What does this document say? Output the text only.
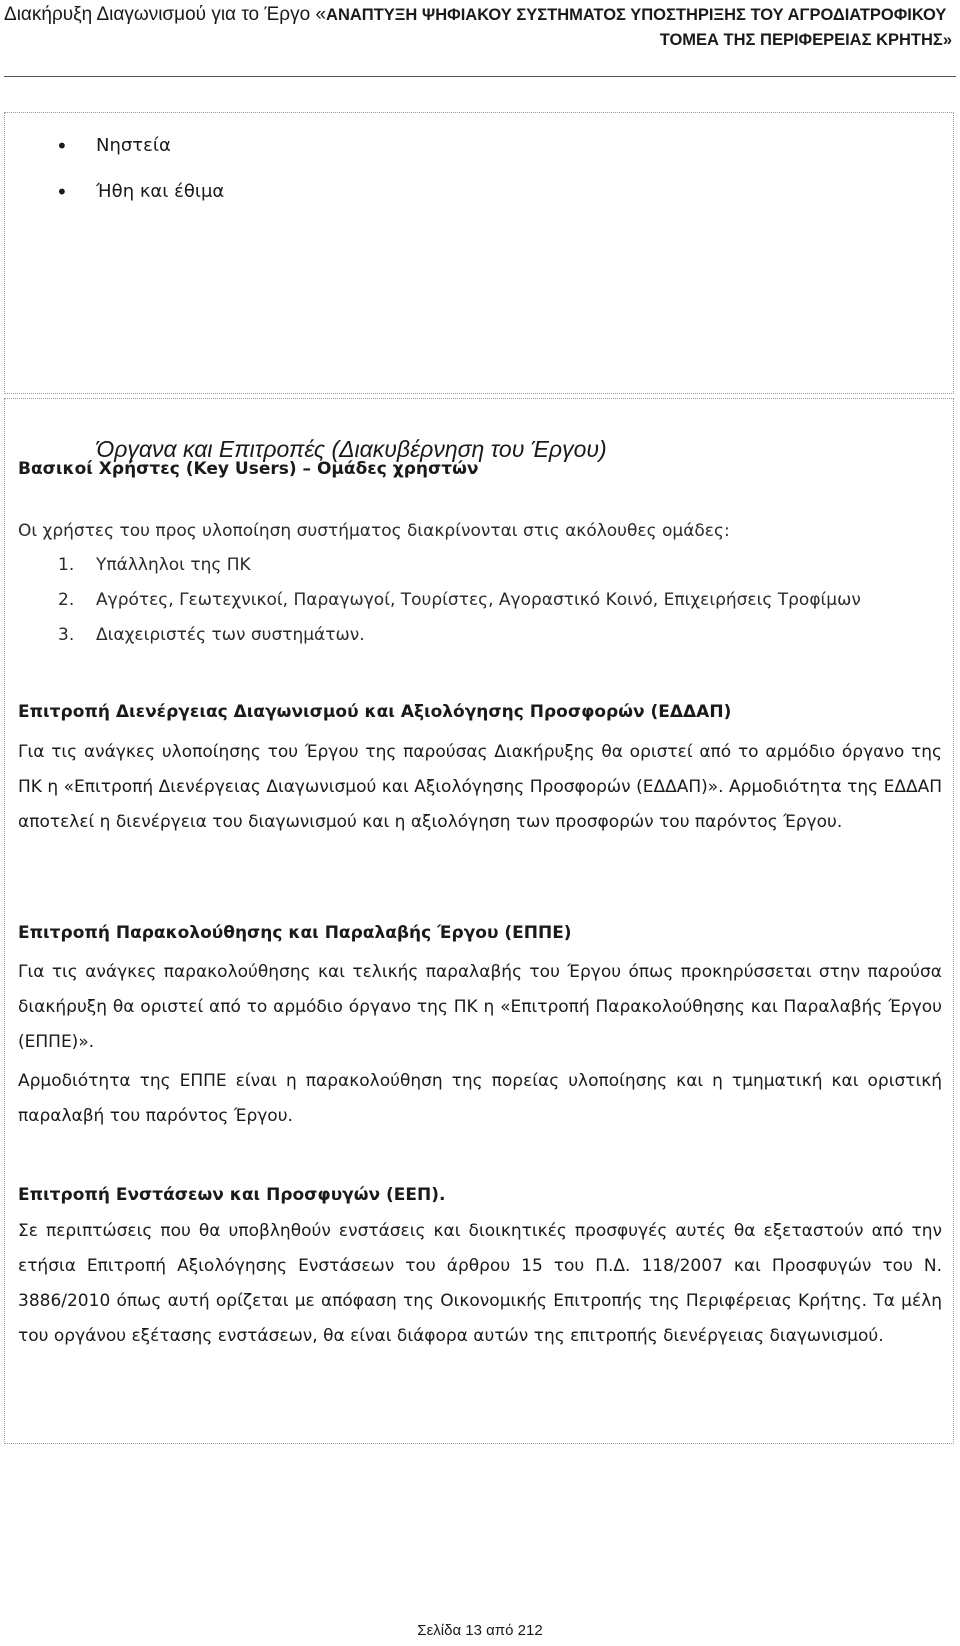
Διακήρυξη Διαγωνισμού για το Έργο «ΑΝΑΠΤΥΞΗ ΨΗΦΙΑΚΟΥ ΣΥΣΤΗΜΑΤΟΣ ΥΠΟΣΤΗΡΙΞΗΣ ΤΟΥ ΑΓΡΟΔΙΑΤΡΟΦΙΚΟΥ
ΤΟΜΕΑ ΤΗΣ ΠΕΡΙΦΕΡΕΙΑΣ ΚΡΗΤΗΣ»
• Νηστεία
• Ήθη και έθιμα
Όργανα και Επιτροπές (Διακυβέρνηση του Έργου)
Βασικοί Χρήστες (Key Users) – Ομάδες χρηστών

Οι χρήστες του προς υλοποίηση συστήματος διακρίνονται στις ακόλουθες ομάδες:

1. Υπάλληλοι της ΠΚ
2. Αγρότες, Γεωτεχνικοί, Παραγωγοί, Τουρίστες, Αγοραστικό Κοινό, Επιχειρήσεις Τροφίμων
3. Διαχειριστές των συστημάτων.
Επιτροπή Διενέργειας Διαγωνισμού και Αξιολόγησης Προσφορών (ΕΔΔΑΠ)

Για τις ανάγκες υλοποίησης του Έργου της παρούσας Διακήρυξης θα οριστεί από το αρμόδιο όργανο της ΠΚ η «Επιτροπή Διενέργειας Διαγωνισμού και Αξιολόγησης Προσφορών (ΕΔΔΑΠ)». Αρμοδιότητα της ΕΔΔΑΠ αποτελεί η διενέργεια του διαγωνισμού και η αξιολόγηση των προσφορών του παρόντος Έργου.

Επιτροπή Παρακολούθησης και Παραλαβής Έργου (ΕΠΠΕ)

Για τις ανάγκες παρακολούθησης και τελικής παραλαβής του Έργου όπως προκηρύσσεται στην παρούσα διακήρυξη θα οριστεί από το αρμόδιο όργανο της ΠΚ η «Επιτροπή Παρακολούθησης και Παραλαβής Έργου (ΕΠΠΕ)».

Αρμοδιότητα της ΕΠΠΕ είναι η παρακολούθηση της πορείας υλοποίησης και η τμηματική και οριστική παραλαβή του παρόντος Έργου.

Επιτροπή Ενστάσεων και Προσφυγών (ΕΕΠ).

Σε περιπτώσεις που θα υποβληθούν ενστάσεις και διοικητικές προσφυγές αυτές θα εξεταστούν από την ετήσια Επιτροπή Αξιολόγησης Ενστάσεων του άρθρου 15 του Π.Δ. 118/2007 και Προσφυγών του Ν. 3886/2010 όπως αυτή ορίζεται με απόφαση της Οικονομικής Επιτροπής της Περιφέρειας Κρήτης. Τα μέλη του οργάνου εξέτασης ενστάσεων, θα είναι διάφορα αυτών της επιτροπής διενέργειας διαγωνισμού.

Σελίδα 13 από 212
